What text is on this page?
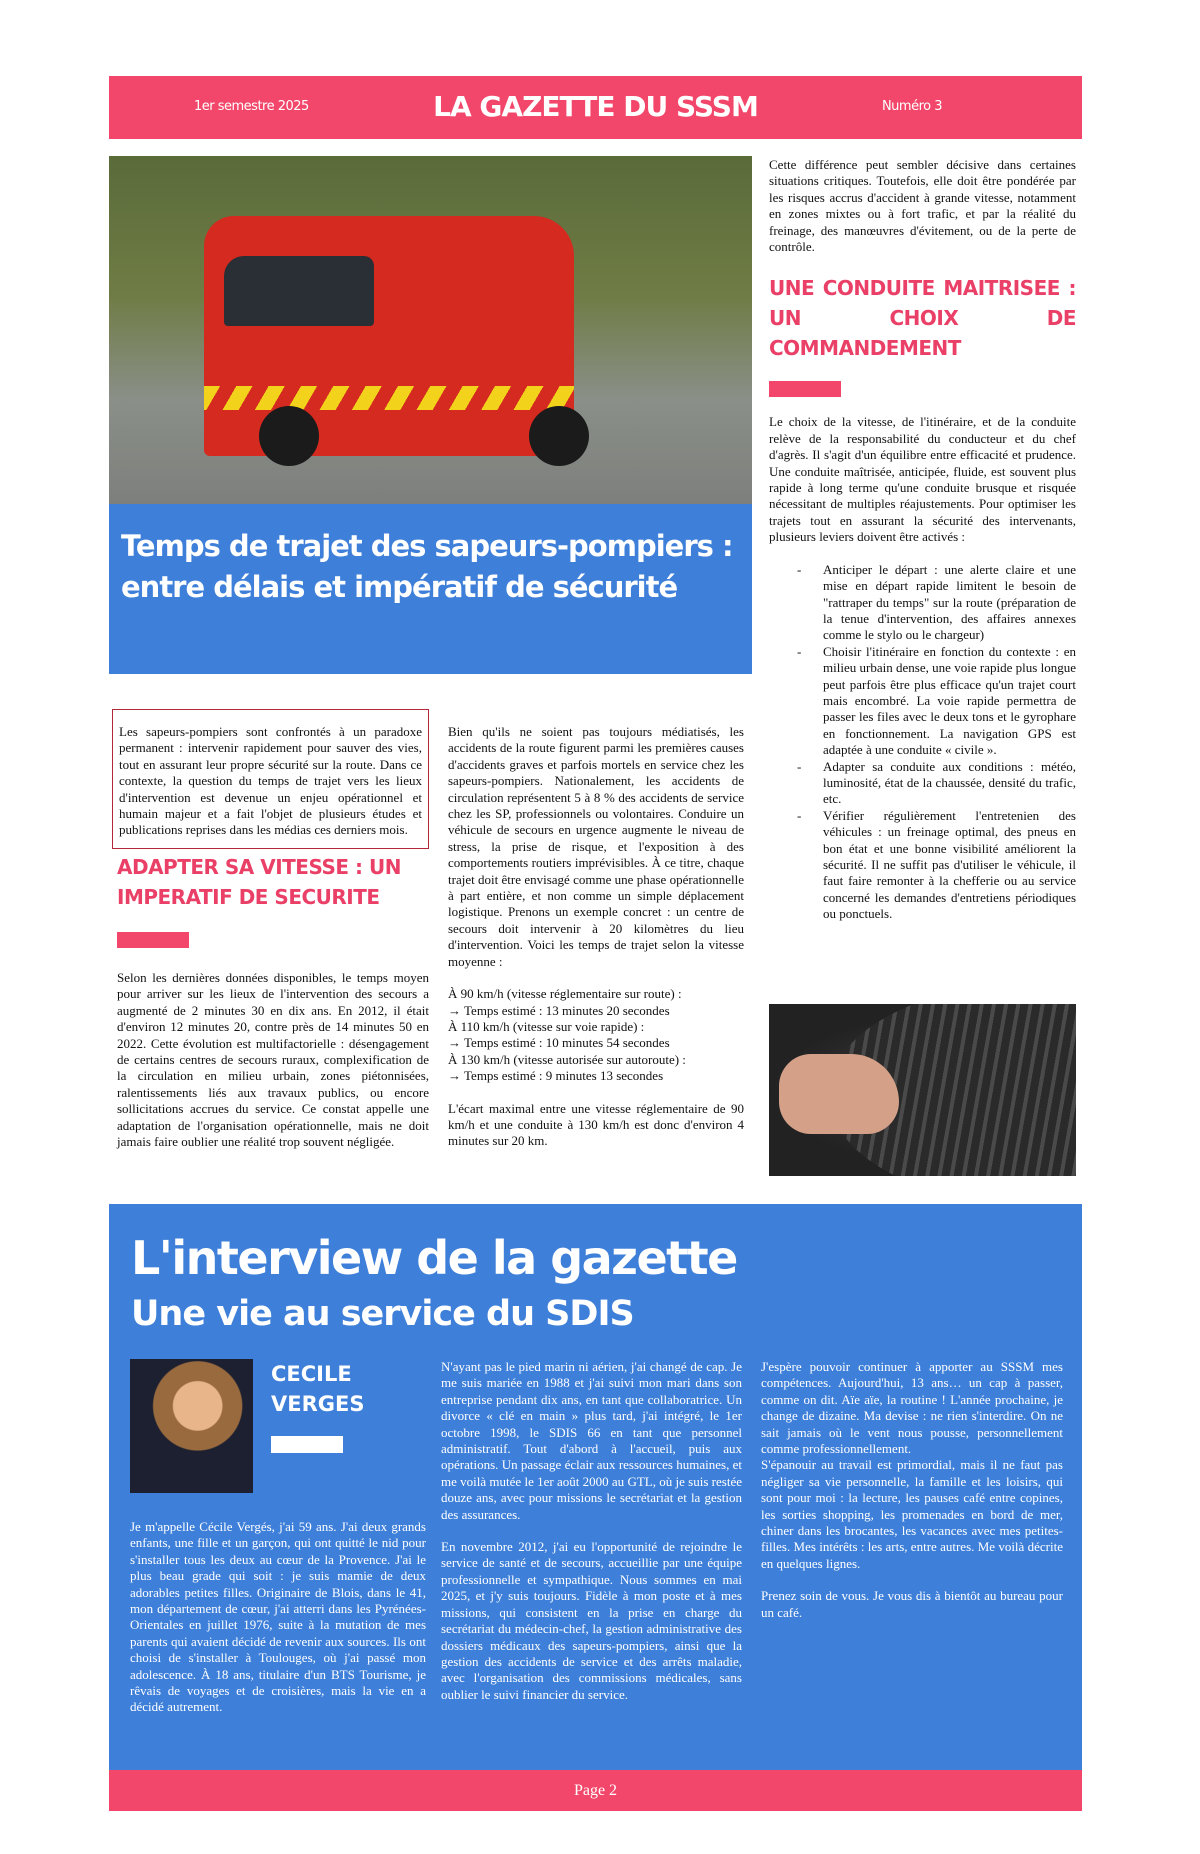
1er semestre 2025	LA GAZETTE DU SSSM	Numéro 3
Temps de trajet des sapeurs-pompiers : entre délais et impératif de sécurité
Les sapeurs-pompiers sont confrontés à un paradoxe permanent : intervenir rapidement pour sauver des vies, tout en assurant leur propre sécurité sur la route. Dans ce contexte, la question du temps de trajet vers les lieux d'intervention est devenue un enjeu opérationnel et humain majeur et a fait l'objet de plusieurs études et publications reprises dans les médias ces derniers mois.
ADAPTER SA VITESSE : UN IMPERATIF DE SECURITE
Selon les dernières données disponibles, le temps moyen pour arriver sur les lieux de l'intervention des secours a augmenté de 2 minutes 30 en dix ans. En 2012, il était d'environ 12 minutes 20, contre près de 14 minutes 50 en 2022. Cette évolution est multifactorielle : désengagement de certains centres de secours ruraux, complexification de la circulation en milieu urbain, zones piétonnisées, ralentissements liés aux travaux publics, ou encore sollicitations accrues du service. Ce constat appelle une adaptation de l'organisation opérationnelle, mais ne doit jamais faire oublier une réalité trop souvent négligée.

Bien qu'ils ne soient pas toujours médiatisés, les accidents de la route figurent parmi les premières causes d'accidents graves et parfois mortels en service chez les sapeurs-pompiers. Nationalement, les accidents de circulation représentent 5 à 8 % des accidents de service chez les SP, professionnels ou volontaires. Conduire un véhicule de secours en urgence augmente le niveau de stress, la prise de risque, et l'exposition à des comportements routiers imprévisibles. À ce titre, chaque trajet doit être envisagé comme une phase opérationnelle à part entière, et non comme un simple déplacement logistique. Prenons un exemple concret : un centre de secours doit intervenir à 20 kilomètres du lieu d'intervention. Voici les temps de trajet selon la vitesse moyenne :

À 90 km/h (vitesse réglementaire sur route) :
→ Temps estimé : 13 minutes 20 secondes
À 110 km/h (vitesse sur voie rapide) :
→ Temps estimé : 10 minutes 54 secondes
À 130 km/h (vitesse autorisée sur autoroute) :
→ Temps estimé : 9 minutes 13 secondes

L'écart maximal entre une vitesse réglementaire de 90 km/h et une conduite à 130 km/h est donc d'environ 4 minutes sur 20 km.

Cette différence peut sembler décisive dans certaines situations critiques. Toutefois, elle doit être pondérée par les risques accrus d'accident à grande vitesse, notamment en zones mixtes ou à fort trafic, et par la réalité du freinage, des manœuvres d'évitement, ou de la perte de contrôle.

UNE CONDUITE MAITRISEE : UN CHOIX DE COMMANDEMENT

Le choix de la vitesse, de l'itinéraire, et de la conduite relève de la responsabilité du conducteur et du chef d'agrès. Il s'agit d'un équilibre entre efficacité et prudence. Une conduite maîtrisée, anticipée, fluide, est souvent plus rapide à long terme qu'une conduite brusque et risquée nécessitant de multiples réajustements. Pour optimiser les trajets tout en assurant la sécurité des intervenants, plusieurs leviers doivent être activés :

- Anticiper le départ : une alerte claire et une mise en départ rapide limitent le besoin de "rattraper du temps" sur la route (préparation de la tenue d'intervention, des affaires annexes comme le stylo ou le chargeur)
- Choisir l'itinéraire en fonction du contexte : en milieu urbain dense, une voie rapide plus longue peut parfois être plus efficace qu'un trajet court mais encombré. La voie rapide permettra de passer les files avec le deux tons et le gyrophare en fonctionnement. La navigation GPS est adaptée à une conduite « civile ».
- Adapter sa conduite aux conditions : météo, luminosité, état de la chaussée, densité du trafic, etc.
- Vérifier régulièrement l'entretenien des véhicules : un freinage optimal, des pneus en bon état et une bonne visibilité améliorent la sécurité. Il ne suffit pas d'utiliser le véhicule, il faut faire remonter à la chefferie ou au service concerné les demandes d'entretiens périodiques ou ponctuels.
L'interview de la gazette
Une vie au service du SDIS
CECILE
VERGES

Je m'appelle Cécile Vergés, j'ai 59 ans. J'ai deux grands enfants, une fille et un garçon, qui ont quitté le nid pour s'installer tous les deux au cœur de la Provence. J'ai le plus beau grade qui soit : je suis mamie de deux adorables petites filles. Originaire de Blois, dans le 41, mon département de cœur, j'ai atterri dans les Pyrénées-Orientales en juillet 1976, suite à la mutation de mes parents qui avaient décidé de revenir aux sources. Ils ont choisi de s'installer à Toulouges, où j'ai passé mon adolescence. À 18 ans, titulaire d'un BTS Tourisme, je rêvais de voyages et de croisières, mais la vie en a décidé autrement.

N'ayant pas le pied marin ni aérien, j'ai changé de cap. Je me suis mariée en 1988 et j'ai suivi mon mari dans son entreprise pendant dix ans, en tant que collaboratrice. Un divorce « clé en main » plus tard, j'ai intégré, le 1er octobre 1998, le SDIS 66 en tant que personnel administratif. Tout d'abord à l'accueil, puis aux opérations. Un passage éclair aux ressources humaines, et me voilà mutée le 1er août 2000 au GTL, où je suis restée douze ans, avec pour missions le secrétariat et la gestion des assurances.

En novembre 2012, j'ai eu l'opportunité de rejoindre le service de santé et de secours, accueillie par une équipe professionnelle et sympathique. Nous sommes en mai 2025, et j'y suis toujours. Fidèle à mon poste et à mes missions, qui consistent en la prise en charge du secrétariat du médecin-chef, la gestion administrative des dossiers médicaux des sapeurs-pompiers, ainsi que la gestion des accidents de service et des arrêts maladie, avec l'organisation des commissions médicales, sans oublier le suivi financier du service.

J'espère pouvoir continuer à apporter au SSSM mes compétences. Aujourd'hui, 13 ans… un cap à passer, comme on dit. Aïe aïe, la routine ! L'année prochaine, je change de dizaine. Ma devise : ne rien s'interdire. On ne sait jamais où le vent nous pousse, personnellement comme professionnellement.

S'épanouir au travail est primordial, mais il ne faut pas négliger sa vie personnelle, la famille et les loisirs, qui sont pour moi : la lecture, les pauses café entre copines, les sorties shopping, les promenades en bord de mer, chiner dans les brocantes, les vacances avec mes petites-filles. Mes intérêts : les arts, entre autres. Me voilà décrite en quelques lignes.

Prenez soin de vous. Je vous dis à bientôt au bureau pour un café.

Page 2
